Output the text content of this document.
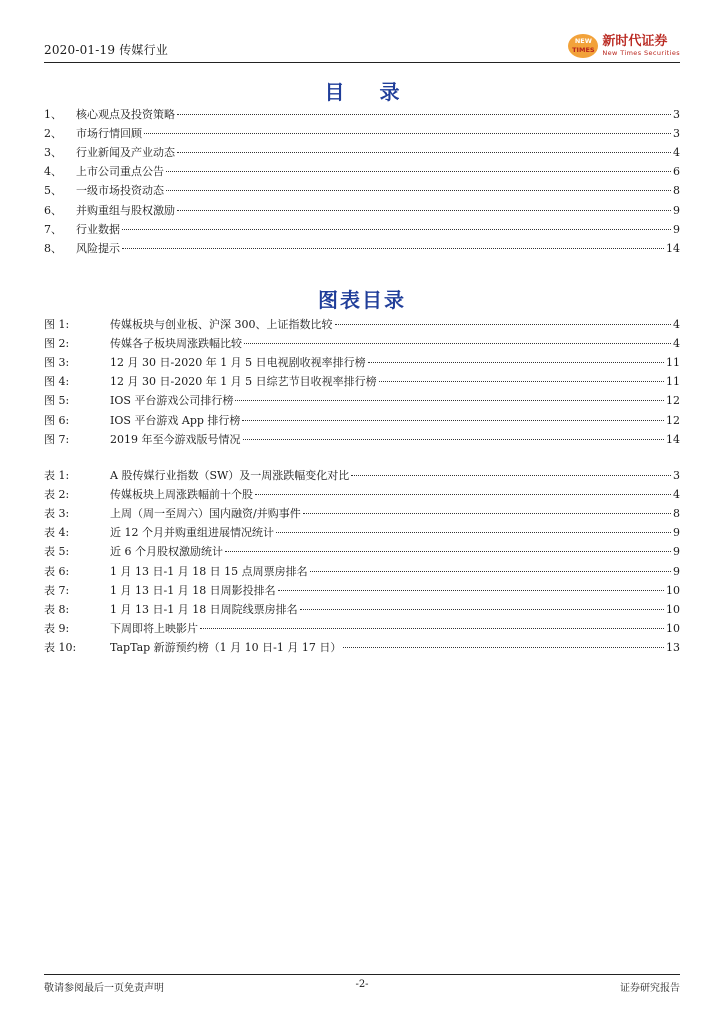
2020-01-19 传媒行业
NEW
TIMES
新时代证券
New Times Securities
目 录
1、	核心观点及投资策略	3
2、	市场行情回顾	3
3、	行业新闻及产业动态	4
4、	上市公司重点公告	6
5、	一级市场投资动态	8
6、	并购重组与股权激励	9
7、	行业数据	9
8、	风险提示	14
图表目录
图 1:	传媒板块与创业板、沪深 300、上证指数比较	4
图 2:	传媒各子板块周涨跌幅比较	4
图 3:	12 月 30 日-2020 年 1 月 5 日电视剧收视率排行榜	11
图 4:	12 月 30 日-2020 年 1 月 5 日综艺节目收视率排行榜	11
图 5:	IOS 平台游戏公司排行榜	12
图 6:	IOS 平台游戏 App 排行榜	12
图 7:	2019 年至今游戏版号情况	14
表 1:	A 股传媒行业指数（SW）及一周涨跌幅变化对比	3
表 2:	传媒板块上周涨跌幅前十个股	4
表 3:	上周（周一至周六）国内融资/并购事件	8
表 4:	近 12 个月并购重组进展情况统计	9
表 5:	近 6 个月股权激励统计	9
表 6:	1 月 13 日-1 月 18 日 15 点周票房排名	9
表 7:	1 月 13 日-1 月 18 日周影投排名	10
表 8:	1 月 13 日-1 月 18 日周院线票房排名	10
表 9:	下周即将上映影片	10
表 10:	TapTap 新游预约榜（1 月 10 日-1 月 17 日）	13
敬请参阅最后一页免责声明	-2-	证券研究报告
